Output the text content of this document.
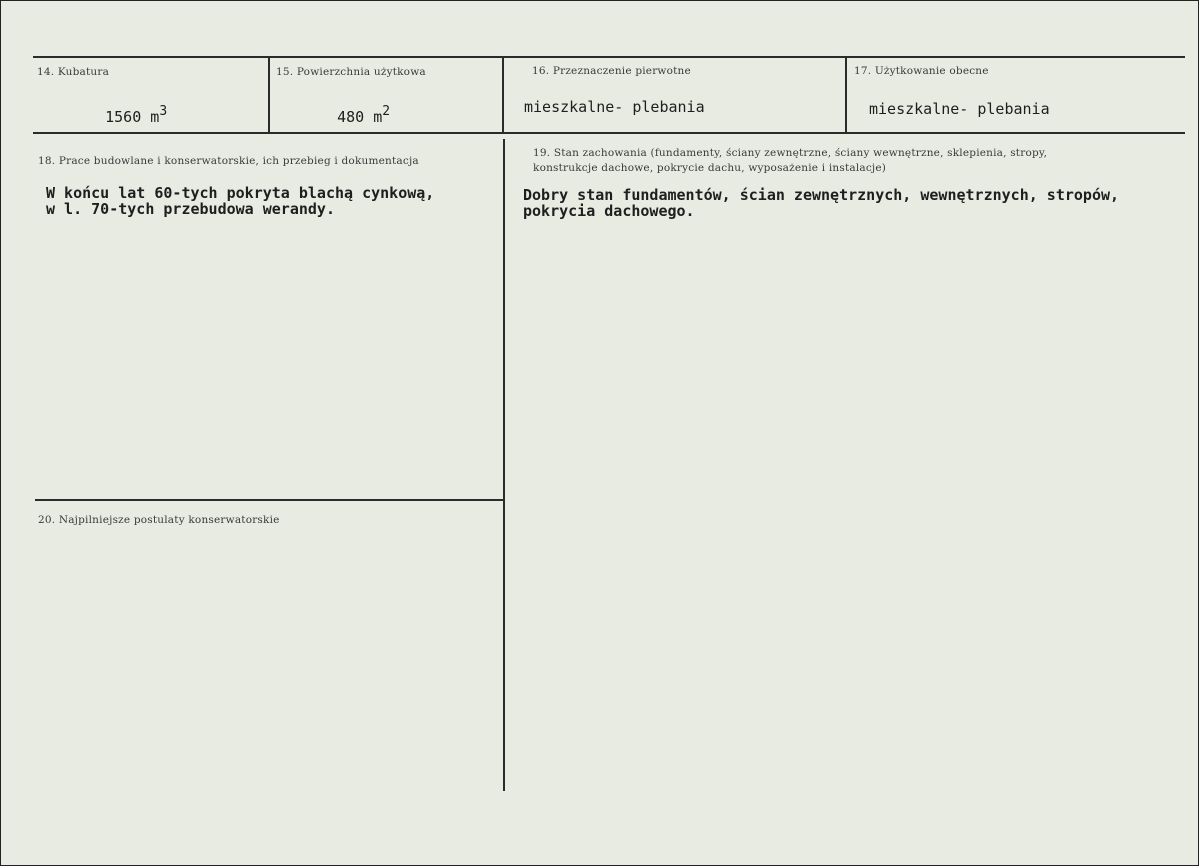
14. Kubatura

1560 m3

15. Powierzchnia użytkowa

480 m2

16. Przeznaczenie pierwotne
mieszkalne- plebania
17. Użytkowanie obecne
mieszkalne- plebania
18. Prace budowlane i konserwatorskie, ich przebieg i dokumentacja
W końcu lat 60-tych pokryta blachą cynkową,
w l. 70-tych przebudowa werandy.
19. Stan zachowania (fundamenty, ściany zewnętrzne, ściany wewnętrzne, sklepienia, stropy,
konstrukcje dachowe, pokrycie dachu, wyposażenie i instalacje)
Dobry stan fundamentów, ścian zewnętrznych, wewnętrznych, stropów,
pokrycia dachowego.
20. Najpilniejsze postulaty konserwatorskie
